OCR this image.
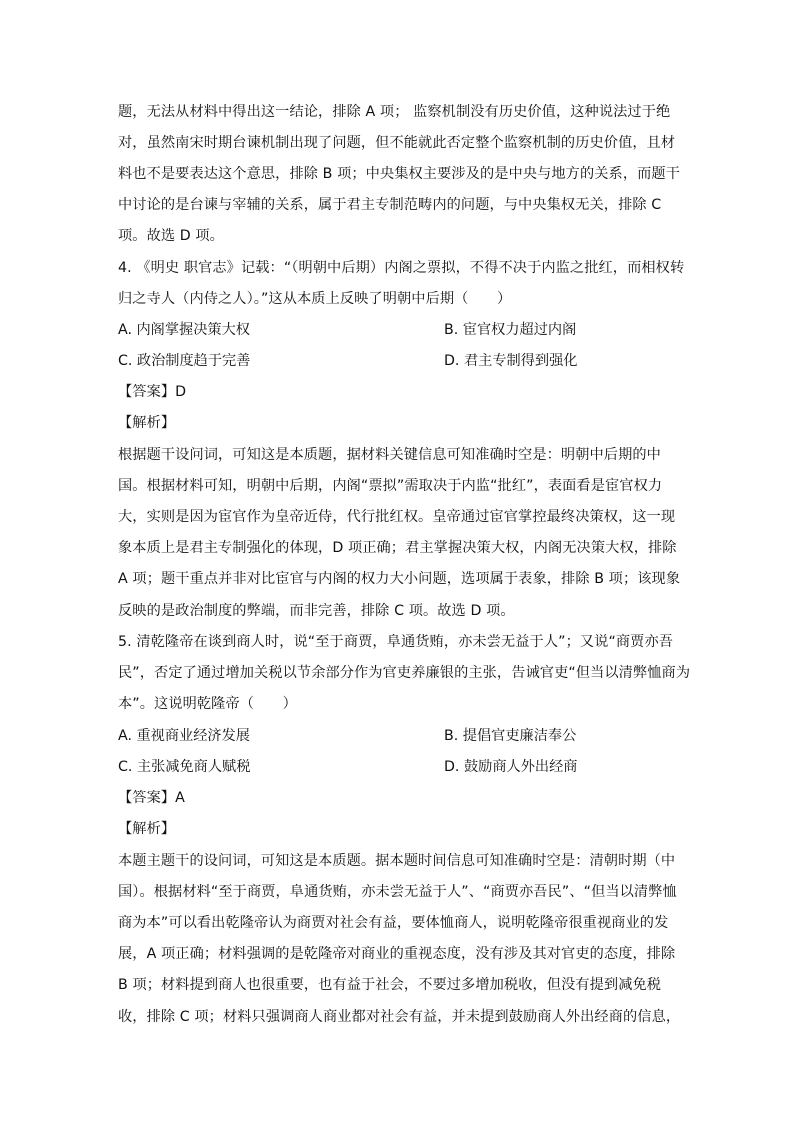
题，无法从材料中得出这一结论，排除 A 项； 监察机制没有历史价值，这种说法过于绝
对，虽然南宋时期台谏机制出现了问题，但不能就此否定整个监察机制的历史价值，且材
料也不是要表达这个意思，排除 B 项；中央集权主要涉及的是中央与地方的关系，而题干
中讨论的是台谏与宰辅的关系，属于君主专制范畴内的问题，与中央集权无关，排除 C
项。故选 D 项。
4. 《明史 职官志》记载：“（明朝中后期）内阁之票拟，不得不决于内监之批红，而相权转
归之寺人（内侍之人）。”这从本质上反映了明朝中后期（　　）
A. 内阁掌握决策大权	B. 宦官权力超过内阁
C. 政治制度趋于完善	D. 君主专制得到强化
【答案】D
【解析】
根据题干设问词，可知这是本质题，据材料关键信息可知准确时空是：明朝中后期的中
国。根据材料可知，明朝中后期，内阁“票拟”需取决于内监“批红”，表面看是宦官权力
大，实则是因为宦官作为皇帝近侍，代行批红权。皇帝通过宦官掌控最终决策权，这一现
象本质上是君主专制强化的体现，D 项正确；君主掌握决策大权，内阁无决策大权，排除
A 项；题干重点并非对比宦官与内阁的权力大小问题，选项属于表象，排除 B 项；该现象
反映的是政治制度的弊端，而非完善，排除 C 项。故选 D 项。
5. 清乾隆帝在谈到商人时，说“至于商贾，阜通货贿，亦未尝无益于人”；又说“商贾亦吾
民”，否定了通过增加关税以节余部分作为官吏养廉银的主张，告诫官吏“但当以清弊恤商为
本”。这说明乾隆帝（　　）
A. 重视商业经济发展	B. 提倡官吏廉洁奉公
C. 主张减免商人赋税	D. 鼓励商人外出经商
【答案】A
【解析】
本题主题干的设问词，可知这是本质题。据本题时间信息可知准确时空是：清朝时期（中
国）。根据材料“至于商贾，阜通货贿，亦未尝无益于人”、“商贾亦吾民”、“但当以清弊恤
商为本”可以看出乾隆帝认为商贾对社会有益，要体恤商人，说明乾隆帝很重视商业的发
展，A 项正确；材料强调的是乾隆帝对商业的重视态度，没有涉及其对官吏的态度，排除
B 项；材料提到商人也很重要，也有益于社会，不要过多增加税收，但没有提到减免税
收，排除 C 项；材料只强调商人商业都对社会有益，并未提到鼓励商人外出经商的信息，
